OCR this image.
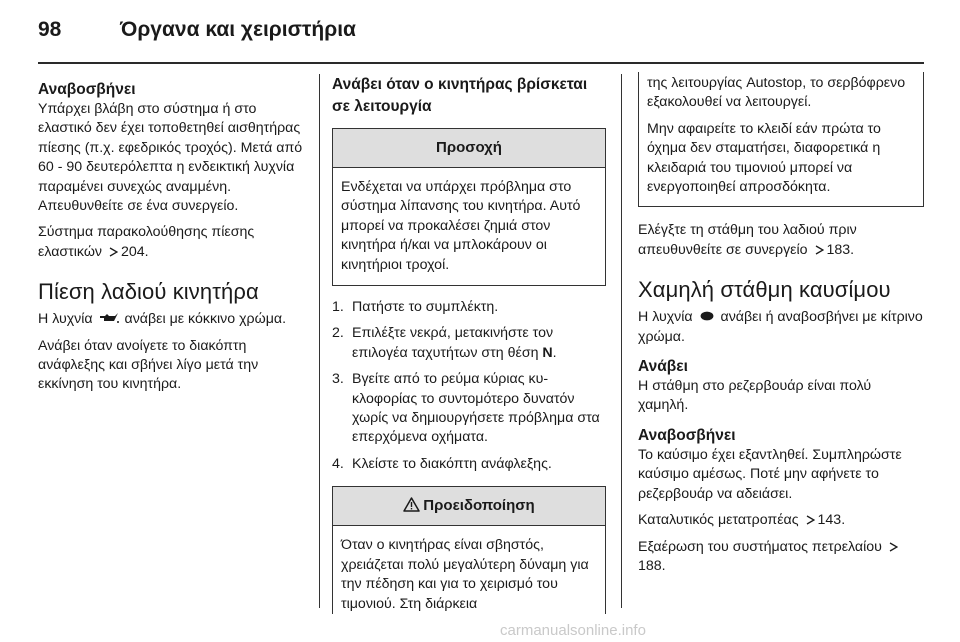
98	Όργανα και χειριστήρια
Αναβοσβήνει

Υπάρχει βλάβη στο σύστημα ή στο ελαστικό δεν έχει τοποθετηθεί αισθητήρας πίεσης (π.χ. εφεδρικός τροχός). Μετά από 60 - 90 δευτερόλεπτα η ενδεικτική λυχνία παραμένει συνεχώς αναμμένη. Απευθυνθείτε σε ένα συνεργείο.

Σύστημα παρακολούθησης πίεσης ελαστικών 204.

Πίεση λαδιού κινητήρα

Η λυχνία ανάβει με κόκκινο χρώμα.

Ανάβει όταν ανοίγετε το διακόπτη ανάφλεξης και σβήνει λίγο μετά την εκκίνηση του κινητήρα.

Ανάβει όταν ο κινητήρας βρίσκεται σε λειτουργία
Προσοχή

Ενδέχεται να υπάρχει πρόβλημα στο σύστημα λίπανσης του κινητήρα. Αυτό μπορεί να προκαλέσει ζημιά στον κινητήρα ή/και να μπλοκάρουν οι κινητήριοι τροχοί.

1. Πατήστε το συμπλέκτη.
2. Επιλέξτε νεκρά, μετακινήστε τον επιλογέα ταχυτήτων στη θέση N.
3. Βγείτε από το ρεύμα κύριας κυκλοφορίας το συντομότερο δυνατόν χωρίς να δημιουργήσετε πρόβλημα στα επερχόμενα οχήματα.
4. Κλείστε το διακόπτη ανάφλεξης.
Προειδοποίηση

Όταν ο κινητήρας είναι σβηστός, χρειάζεται πολύ μεγαλύτερη δύναμη για την πέδηση και για το χειρισμό του τιμονιού. Στη διάρκεια

της λειτουργίας Autostop, το σερβόφρενο εξακολουθεί να λειτουργεί.

Μην αφαιρείτε το κλειδί εάν πρώτα το όχημα δεν σταματήσει, διαφορετικά η κλειδαριά του τιμονιού μπορεί να ενεργοποιηθεί απροσδόκητα.

Ελέγξτε τη στάθμη του λαδιού πριν απευθυνθείτε σε συνεργείο 183.

Χαμηλή στάθμη καυσίμου

Η λυχνία ανάβει ή αναβοσβήνει με κίτρινο χρώμα.

Ανάβει

Η στάθμη στο ρεζερβουάρ είναι πολύ χαμηλή.

Αναβοσβήνει

Το καύσιμο έχει εξαντληθεί. Συμπληρώστε καύσιμο αμέσως. Ποτέ μην αφήνετε το ρεζερβουάρ να αδειάσει.

Καταλυτικός μετατροπέας 143.

Εξαέρωση του συστήματος πετρελαίου 188.

carmanualsonline.info
